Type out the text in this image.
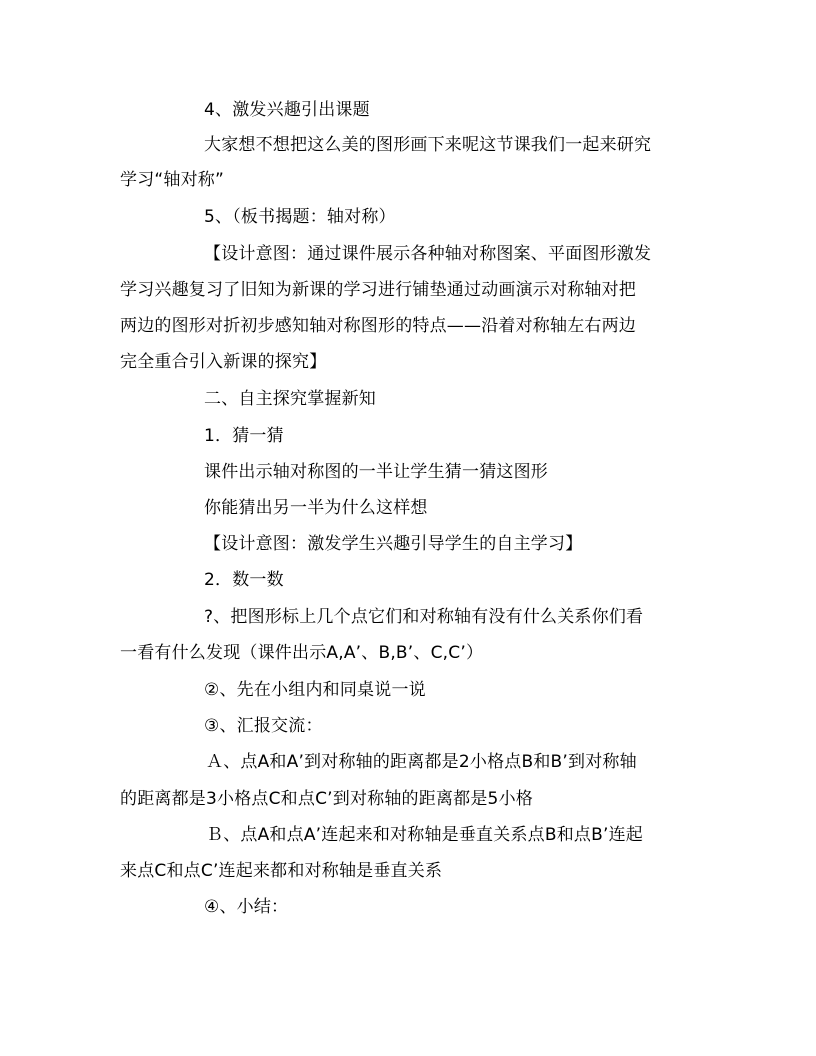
4、激发兴趣引出课题
大家想不想把这么美的图形画下来呢这节课我们一起来研究
学习“轴对称”
5、（板书揭题：轴对称）
【设计意图：通过课件展示各种轴对称图案、平面图形激发
学习兴趣复习了旧知为新课的学习进行铺垫通过动画演示对称轴对把
两边的图形对折初步感知轴对称图形的特点——沿着对称轴左右两边
完全重合引入新课的探究】
二、自主探究掌握新知
1．猜一猜
课件出示轴对称图的一半让学生猜一猜这图形
你能猜出另一半为什么这样想
【设计意图：激发学生兴趣引导学生的自主学习】
2．数一数
?、把图形标上几个点它们和对称轴有没有什么关系你们看
一看有什么发现（课件出示A,A’、B,B’、C,C’）
②、先在小组内和同桌说一说
③、汇报交流：
Ａ、点A和A’到对称轴的距离都是2小格点B和B’到对称轴
的距离都是3小格点C和点C’到对称轴的距离都是5小格
Ｂ、点A和点A’连起来和对称轴是垂直关系点B和点B’连起
来点C和点C’连起来都和对称轴是垂直关系
④、小结：
